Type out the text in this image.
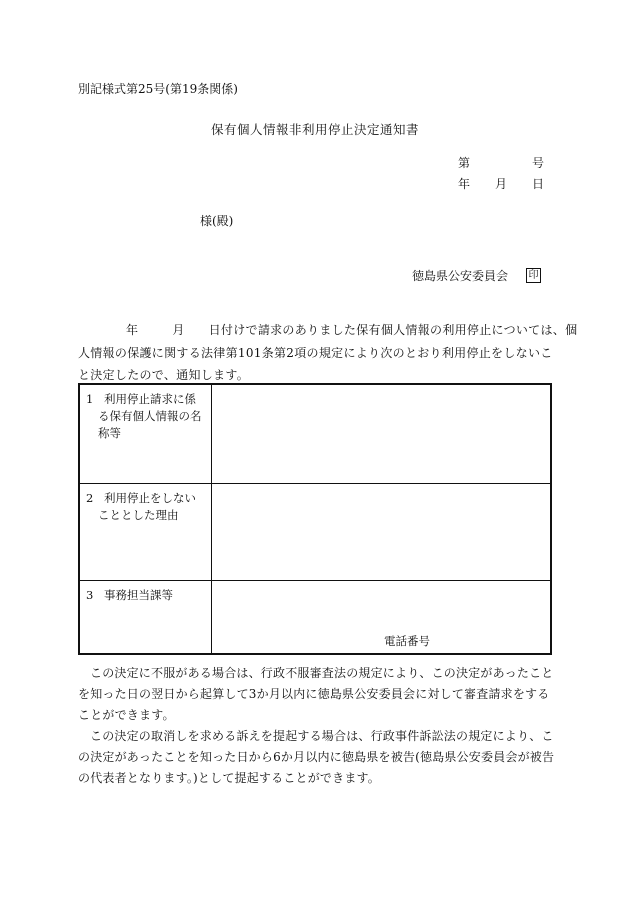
別記様式第25号(第19条関係)
保有個人情報非利用停止決定通知書
第	号
年 月 日
様(殿)
徳島県公安委員会 印
年	月 日付けで請求のありました保有個人情報の利用停止については、個
人情報の保護に関する法律第101条第2項の規定により次のとおり利用停止をしないこ
と決定したので、通知します。
1 利用停止請求に係
る保有個人情報の名
称等
2 利用停止をしない
こととした理由
3 事務担当課等
電話番号
この決定に不服がある場合は、行政不服審査法の規定により、この決定があったこと
を知った日の翌日から起算して3か月以内に徳島県公安委員会に対して審査請求をする
ことができます。
この決定の取消しを求める訴えを提起する場合は、行政事件訴訟法の規定により、こ
の決定があったことを知った日から6か月以内に徳島県を被告(徳島県公安委員会が被告
の代表者となります。)として提起することができます。
